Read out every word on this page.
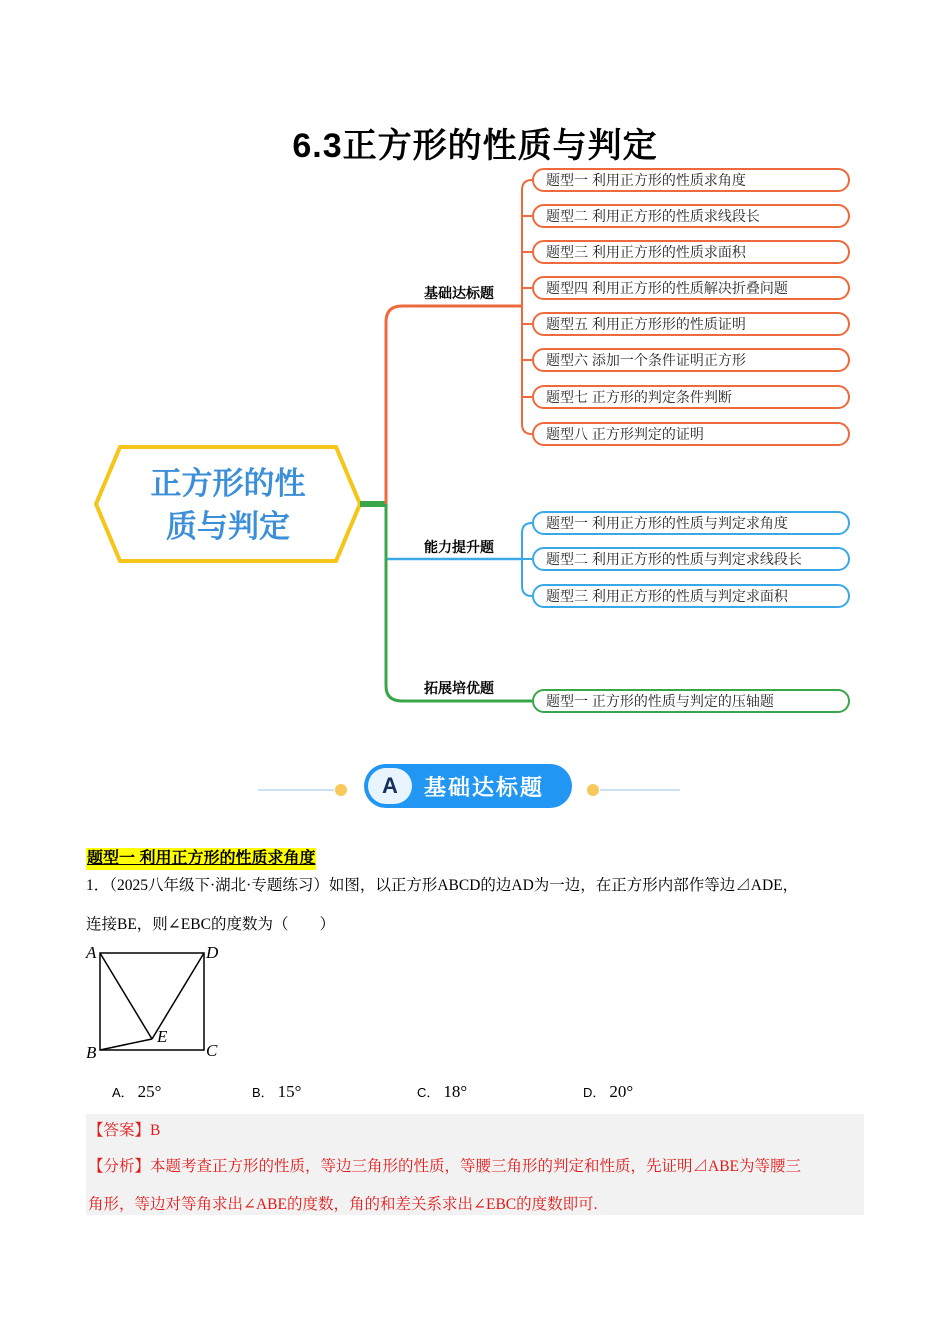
6.3正方形的性质与判定
正方形的性
质与判定
基础达标题
能力提升题
拓展培优题
题型一 利用正方形的性质求角度
题型二 利用正方形的性质求线段长
题型三 利用正方形的性质求面积
题型四 利用正方形的性质解决折叠问题
题型五 利用正方形形的性质证明
题型六 添加一个条件证明正方形
题型七 正方形的判定条件判断
题型八 正方形判定的证明
题型一 利用正方形的性质与判定求角度
题型二 利用正方形的性质与判定求线段长
题型三 利用正方形的性质与判定求面积
题型一 正方形的性质与判定的压轴题
A	基础达标题
题型一 利用正方形的性质求角度
1．（2025八年级下·湖北·专题练习）如图，以正方形ABCD的边AD为一边，在正方形内部作等边⊿ADE，
连接BE，则∠EBC的度数为（　　）
A	D
B	C
E
A． 25°	B． 15°	C． 18°	D． 20°
【答案】B
【分析】本题考查正方形的性质，等边三角形的性质，等腰三角形的判定和性质，先证明⊿ABE为等腰三
角形，等边对等角求出∠ABE的度数，角的和差关系求出∠EBC的度数即可.
